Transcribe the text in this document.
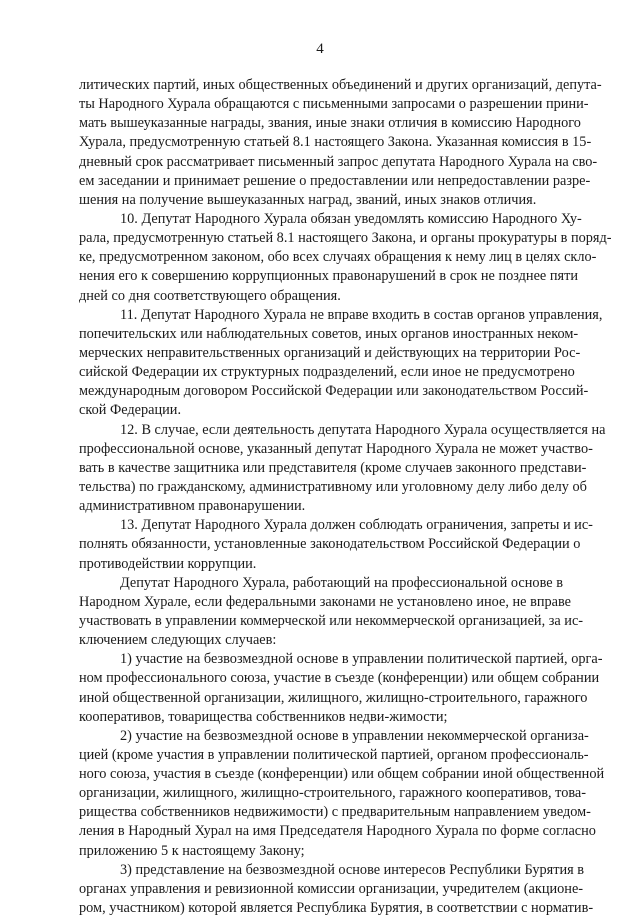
4
литических партий, иных общественных объединений и других организаций, депута-
ты Народного Хурала обращаются с письменными запросами о разрешении прини-
мать вышеуказанные награды, звания, иные знаки отличия в комиссию Народного
Хурала, предусмотренную статьей 8.1 настоящего Закона. Указанная комиссия в 15-
дневный срок рассматривает письменный запрос депутата Народного Хурала на сво-
ем заседании и принимает решение о предоставлении или непредоставлении разре-
шения на получение вышеуказанных наград, званий, иных знаков отличия.
10. Депутат Народного Хурала обязан уведомлять комиссию Народного Ху-
рала, предусмотренную статьей 8.1 настоящего Закона, и органы прокуратуры в поряд-
ке, предусмотренном законом, обо всех случаях обращения к нему лиц в целях скло-
нения его к совершению коррупционных правонарушений в срок не позднее пяти
дней со дня соответствующего обращения.
11. Депутат Народного Хурала не вправе входить в состав органов управления,
попечительских или наблюдательных советов, иных органов иностранных неком-
мерческих неправительственных организаций и действующих на территории Рос-
сийской Федерации их структурных подразделений, если иное не предусмотрено
международным договором Российской Федерации или законодательством Россий-
ской Федерации.
12. В случае, если деятельность депутата Народного Хурала осуществляется на
профессиональной основе, указанный депутат Народного Хурала не может участво-
вать в качестве защитника или представителя (кроме случаев законного представи-
тельства) по гражданскому, административному или уголовному делу либо делу об
административном правонарушении.
13. Депутат Народного Хурала должен соблюдать ограничения, запреты и ис-
полнять обязанности, установленные законодательством Российской Федерации о
противодействии коррупции.
Депутат Народного Хурала, работающий на профессиональной основе в
Народном Хурале, если федеральными законами не установлено иное, не вправе
участвовать в управлении коммерческой или некоммерческой организацией, за ис-
ключением следующих случаев:
1) участие на безвозмездной основе в управлении политической партией, орга-
ном профессионального союза, участие в съезде (конференции) или общем собрании
иной общественной организации, жилищного, жилищно-строительного, гаражного
кооперативов, товарищества собственников недви-жимости;
2) участие на безвозмездной основе в управлении некоммерческой организа-
цией (кроме участия в управлении политической партией, органом профессиональ-
ного союза, участия в съезде (конференции) или общем собрании иной общественной
организации, жилищного, жилищно-строительного, гаражного кооперативов, това-
рищества собственников недвижимости) с предварительным направлением уведом-
ления в Народный Хурал на имя Председателя Народного Хурала по форме согласно
приложению 5 к настоящему Закону;
3) представление на безвозмездной основе интересов Республики Бурятия в
органах управления и ревизионной комиссии организации, учредителем (акционе-
ром, участником) которой является Республика Бурятия, в соответствии с норматив-
